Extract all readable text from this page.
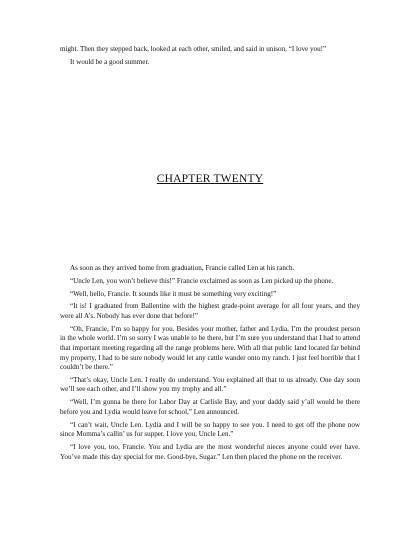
might. Then they stepped back, looked at each other, smiled, and said in unison, “I love you!”

It would be a good summer.

CHAPTER TWENTY

As soon as they arrived home from graduation, Francie called Len at his ranch.

“Uncle Len, you won’t believe this!” Francie exclaimed as soon as Len picked up the phone.

“Well, hello, Francie. It sounds like it must be something very exciting!”

“It is! I graduated from Ballentine with the highest grade-point average for all four years, and they were all A’s. Nobody has ever done that before!”

“Oh, Francie, I’m so happy for you. Besides your mother, father and Lydia, I’m the proudest person in the whole world. I’m so sorry I was unable to be there, but I’m sure you understand that I had to attend that important meeting regarding all the range problems here. With all that public land located far behind my property, I had to be sure nobody would let any cattle wander onto my ranch. I just feel horrible that I couldn’t be there.”

“That’s okay, Uncle Len. I really do understand. You explained all that to us already. One day soon we’ll see each other, and I’ll show you my trophy and all.”

“Well, I’m gonna be there for Labor Day at Carlisle Bay, and your daddy said y’all would be there before you and Lydia would leave for school,” Len announced.

“I can’t wait, Uncle Len. Lydia and I will be so happy to see you. I need to get off the phone now since Momma’s callin’ us for supper. I love you, Uncle Len.”

“I love you, too, Francie. You and Lydia are the most wonderful nieces anyone could ever have. You’ve made this day special for me. Good-bye, Sugar.” Len then placed the phone on the receiver.
